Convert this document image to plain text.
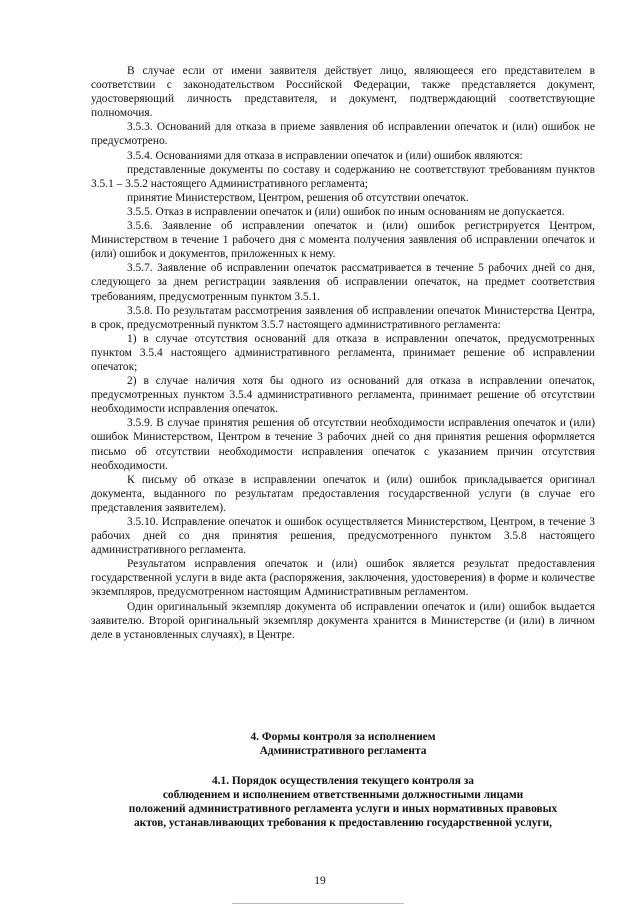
В случае если от имени заявителя действует лицо, являющееся его представителем в соответствии с законодательством Российской Федерации, также представляется документ, удостоверяющий личность представителя, и документ, подтверждающий соответствующие полномочия.

3.5.3. Оснований для отказа в приеме заявления об исправлении опечаток и (или) ошибок не предусмотрено.

3.5.4. Основаниями для отказа в исправлении опечаток и (или) ошибок являются:

представленные документы по составу и содержанию не соответствуют требованиям пунктов 3.5.1 – 3.5.2 настоящего Административного регламента;

принятие Министерством, Центром, решения об отсутствии опечаток.

3.5.5. Отказ в исправлении опечаток и (или) ошибок по иным основаниям не допускается.

3.5.6. Заявление об исправлении опечаток и (или) ошибок регистрируется Центром, Министерством в течение 1 рабочего дня с момента получения заявления об исправлении опечаток и (или) ошибок и документов, приложенных к нему.

3.5.7. Заявление об исправлении опечаток рассматривается в течение 5 рабочих дней со дня, следующего за днем регистрации заявления об исправлении опечаток, на предмет соответствия требованиям, предусмотренным пунктом 3.5.1.

3.5.8. По результатам рассмотрения заявления об исправлении опечаток Министерства Центра, в срок, предусмотренный пунктом 3.5.7 настоящего административного регламента:

1) в случае отсутствия оснований для отказа в исправлении опечаток, предусмотренных пунктом 3.5.4 настоящего административного регламента, принимает решение об исправлении опечаток;

2) в случае наличия хотя бы одного из оснований для отказа в исправлении опечаток, предусмотренных пунктом 3.5.4 административного регламента, принимает решение об отсутствии необходимости исправления опечаток.

3.5.9. В случае принятия решения об отсутствии необходимости исправления опечаток и (или) ошибок Министерством, Центром в течение 3 рабочих дней со дня принятия решения оформляется письмо об отсутствии необходимости исправления опечаток с указанием причин отсутствия необходимости.

К письму об отказе в исправлении опечаток и (или) ошибок прикладывается оригинал документа, выданного по результатам предоставления государственной услуги (в случае его представления заявителем).

3.5.10. Исправление опечаток и ошибок осуществляется Министерством, Центром, в течение 3 рабочих дней со дня принятия решения, предусмотренного пунктом 3.5.8 настоящего административного регламента.

Результатом исправления опечаток и (или) ошибок является результат предоставления государственной услуги в виде акта (распоряжения, заключения, удостоверения) в форме и количестве экземпляров, предусмотренном настоящим Административным регламентом.

Один оригинальный экземпляр документа об исправлении опечаток и (или) ошибок выдается заявителю. Второй оригинальный экземпляр документа хранится в Министерстве (и (или) в личном деле в установленных случаях), в Центре.

4. Формы контроля за исполнением
Административного регламента
4.1. Порядок осуществления текущего контроля за
соблюдением и исполнением ответственными должностными лицами
положений административного регламента услуги и иных нормативных правовых
актов, устанавливающих требования к предоставлению государственной услуги,
19
